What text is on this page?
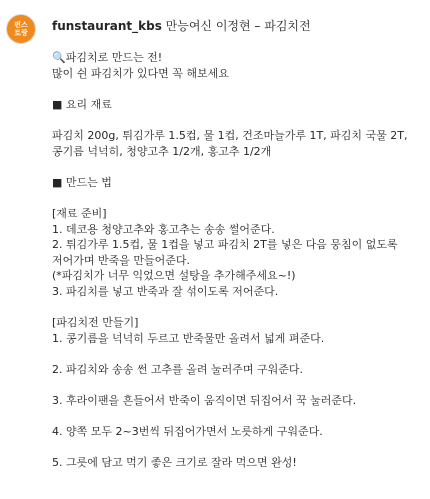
펀스
토랑 funstaurant_kbs 만능여신 이정현 – 파김치전
🔍파김치로 만드는 전!
많이 쉰 파김치가 있다면 꼭 해보세요

■ 요리 재료

파김치 200g, 튀김가루 1.5컵, 물 1컵, 건조마늘가루 1T, 파김치 국물 2T,
콩기름 넉넉히, 청양고추 1/2개, 홍고추 1/2개

■ 만드는 법

[재료 준비]
1. 데코용 청양고추와 홍고추는 송송 썰어준다.
2. 튀김가루 1.5컵, 물 1컵을 넣고 파김치 2T를 넣은 다음 뭉침이 없도록
저어가며 반죽을 만들어준다.
(*파김치가 너무 익었으면 설탕을 추가해주세요~!)
3. 파김치를 넣고 반죽과 잘 섞이도록 저어준다.

[파김치전 만들기]
1. 콩기름을 넉넉히 두르고 반죽물만 올려서 넓게 펴준다.

2. 파김치와 송송 썬 고추를 올려 눌러주며 구워준다.

3. 후라이팬을 흔들어서 반죽이 움직이면 뒤집어서 꾹 눌러준다.

4. 양쪽 모두 2~3번씩 뒤집어가면서 노릇하게 구워준다.

5. 그릇에 담고 먹기 좋은 크기로 잘라 먹으면 완성!
